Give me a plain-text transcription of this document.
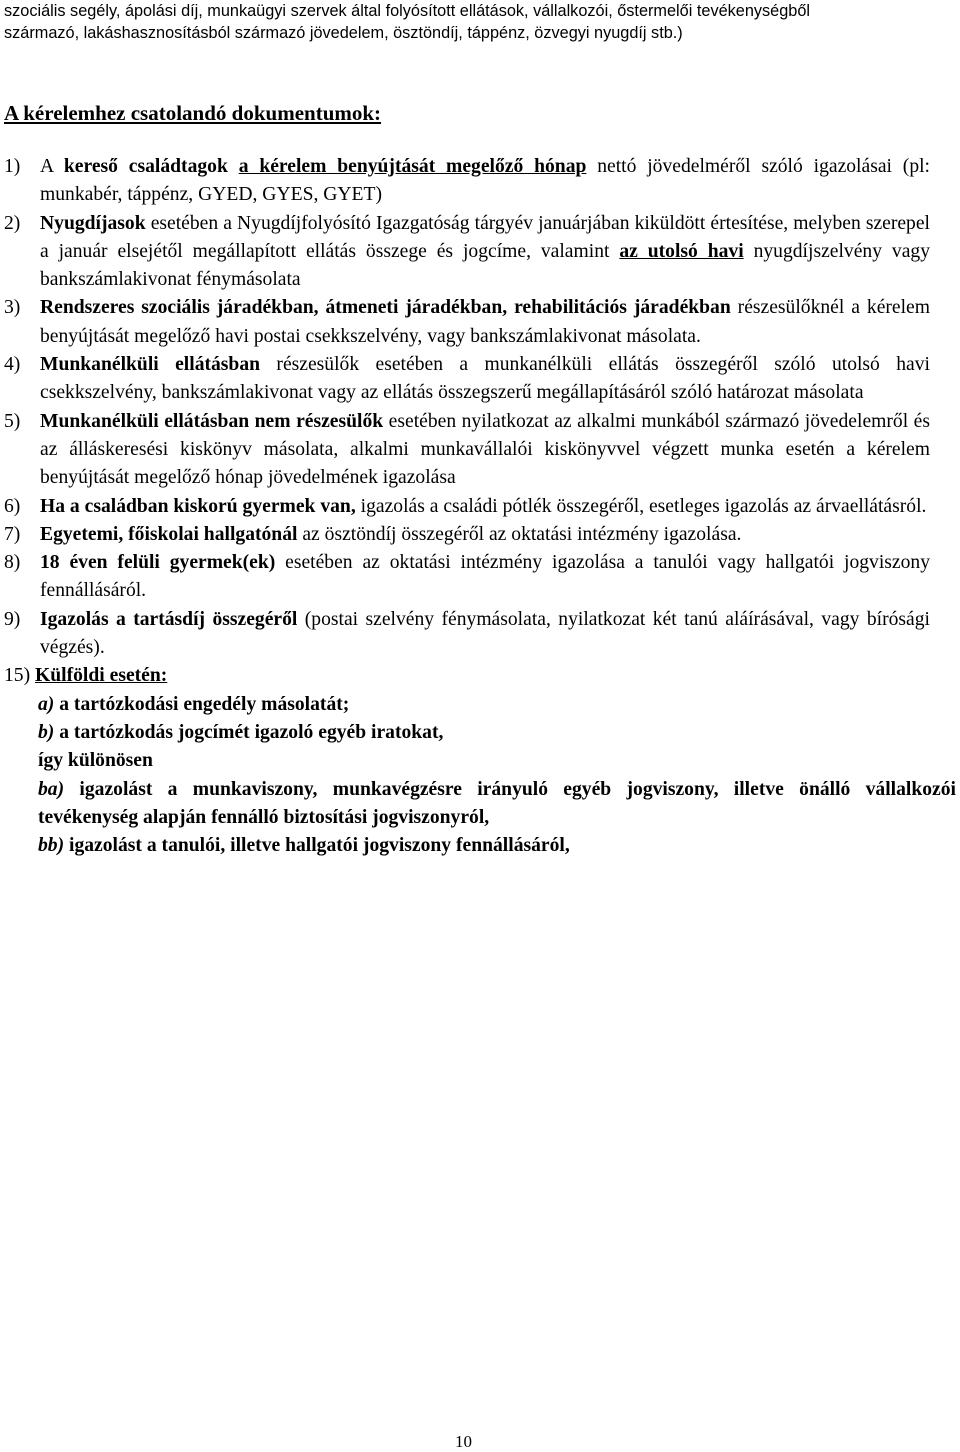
szociális segély, ápolási díj, munkaügyi szervek által folyósított ellátások, vállalkozói, őstermelői tevékenységből
származó, lakáshasznosításból származó jövedelem, ösztöndíj, táppénz, özvegyi nyugdíj stb.)
A kérelemhez csatolandó dokumentumok:
1)	A kereső családtagok a kérelem benyújtását megelőző hónap nettó jövedelméről szóló igazolásai (pl: munkabér, táppénz, GYED, GYES, GYET)
2)	Nyugdíjasok esetében a Nyugdíjfolyósító Igazgatóság tárgyév januárjában kiküldött értesítése, melyben szerepel a január elsejétől megállapított ellátás összege és jogcíme, valamint az utolsó havi nyugdíjszelvény vagy bankszámlakivonat fénymásolata
3)	Rendszeres szociális járadékban, átmeneti járadékban, rehabilitációs járadékban részesülőknél a kérelem benyújtását megelőző havi postai csekkszelvény, vagy bankszámlakivonat másolata.
4)	Munkanélküli ellátásban részesülők esetében a munkanélküli ellátás összegéről szóló utolsó havi csekkszelvény, bankszámlakivonat vagy az ellátás összegszerű megállapításáról szóló határozat másolata
5)	Munkanélküli ellátásban nem részesülők esetében nyilatkozat az alkalmi munkából származó jövedelemről és az álláskeresési kiskönyv másolata, alkalmi munkavállalói kiskönyvvel végzett munka esetén a kérelem benyújtását megelőző hónap jövedelmének igazolása
6)	Ha a családban kiskorú gyermek van, igazolás a családi pótlék összegéről, esetleges igazolás az árvaellátásról.
7)	Egyetemi, főiskolai hallgatónál az ösztöndíj összegéről az oktatási intézmény igazolása.
8)	18 éven felüli gyermek(ek) esetében az oktatási intézmény igazolása a tanulói vagy hallgatói jogviszony fennállásáról.
9)	Igazolás a tartásdíj összegéről (postai szelvény fénymásolata, nyilatkozat két tanú aláírásával, vagy bírósági végzés).
15) Külföldi esetén:
a) a tartózkodási engedély másolatát;
b) a tartózkodás jogcímét igazoló egyéb iratokat,
így különösen
ba) igazolást a munkaviszony, munkavégzésre irányuló egyéb jogviszony, illetve önálló vállalkozói tevékenység alapján fennálló biztosítási jogviszonyról,
bb) igazolást a tanulói, illetve hallgatói jogviszony fennállásáról,
10
